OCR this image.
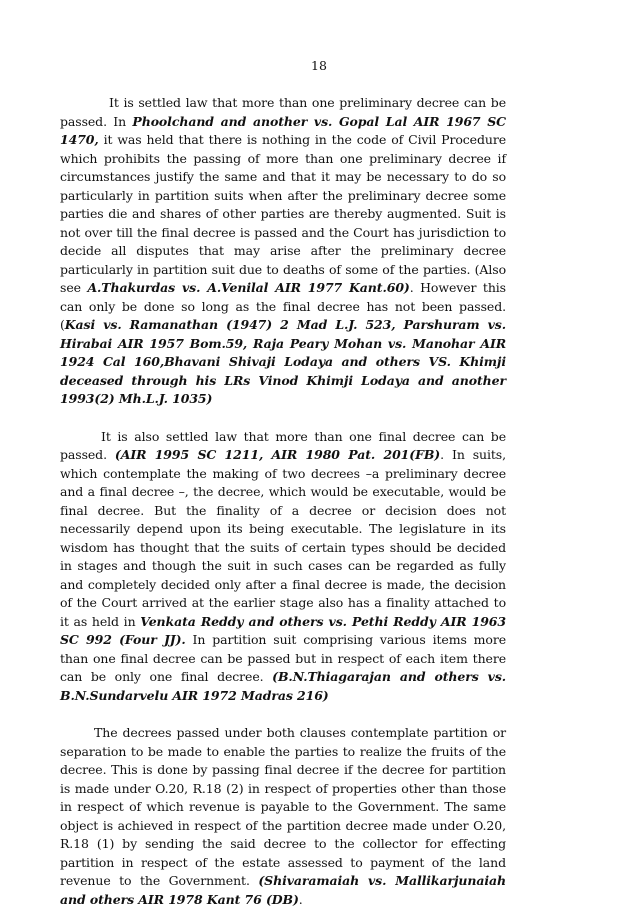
18

It is settled law that more than one preliminary decree can be passed. In Phoolchand and another vs. Gopal Lal AIR 1967 SC 1470, it was held that there is nothing in the code of Civil Procedure which prohibits the passing of more than one preliminary decree if circumstances justify the same and that it may be necessary to do so particularly in partition suits when after the preliminary decree some parties die and shares of other parties are thereby augmented. Suit is not over till the final decree is passed and the Court has jurisdiction to decide all disputes that may arise after the preliminary decree particularly in partition suit due to deaths of some of the parties. (Also see A.Thakurdas vs. A.Venilal AIR 1977 Kant.60). However this can only be done so long as the final decree has not been passed. (Kasi vs. Ramanathan (1947) 2 Mad L.J. 523, Parshuram vs. Hirabai AIR 1957 Bom.59, Raja Peary Mohan vs. Manohar AIR 1924 Cal 160,Bhavani Shivaji Lodaya and others VS. Khimji deceased through his LRs Vinod Khimji Lodaya and another 1993(2) Mh.L.J. 1035)

It is also settled law that more than one final decree can be passed. (AIR 1995 SC 1211, AIR 1980 Pat. 201(FB). In suits, which contemplate the making of two decrees –a preliminary decree and a final decree –, the decree, which would be executable, would be final decree. But the finality of a decree or decision does not necessarily depend upon its being executable. The legislature in its wisdom has thought that the suits of certain types should be decided in stages and though the suit in such cases can be regarded as fully and completely decided only after a final decree is made, the decision of the Court arrived at the earlier stage also has a finality attached to it as held in Venkata Reddy and others vs. Pethi Reddy AIR 1963 SC 992 (Four JJ). In partition suit comprising various items more than one final decree can be passed but in respect of each item there can be only one final decree. (B.N.Thiagarajan and others vs. B.N.Sundarvelu AIR 1972 Madras 216)

The decrees passed under both clauses contemplate partition or separation to be made to enable the parties to realize the fruits of the decree. This is done by passing final decree if the decree for partition is made under O.20, R.18 (2) in respect of properties other than those in respect of which revenue is payable to the Government. The same object is achieved in respect of the partition decree made under O.20, R.18 (1) by sending the said decree to the collector for effecting partition in respect of the estate assessed to payment of the land revenue to the Government. (Shivaramaiah vs. Mallikarjunaiah and others AIR 1978 Kant 76 (DB).
